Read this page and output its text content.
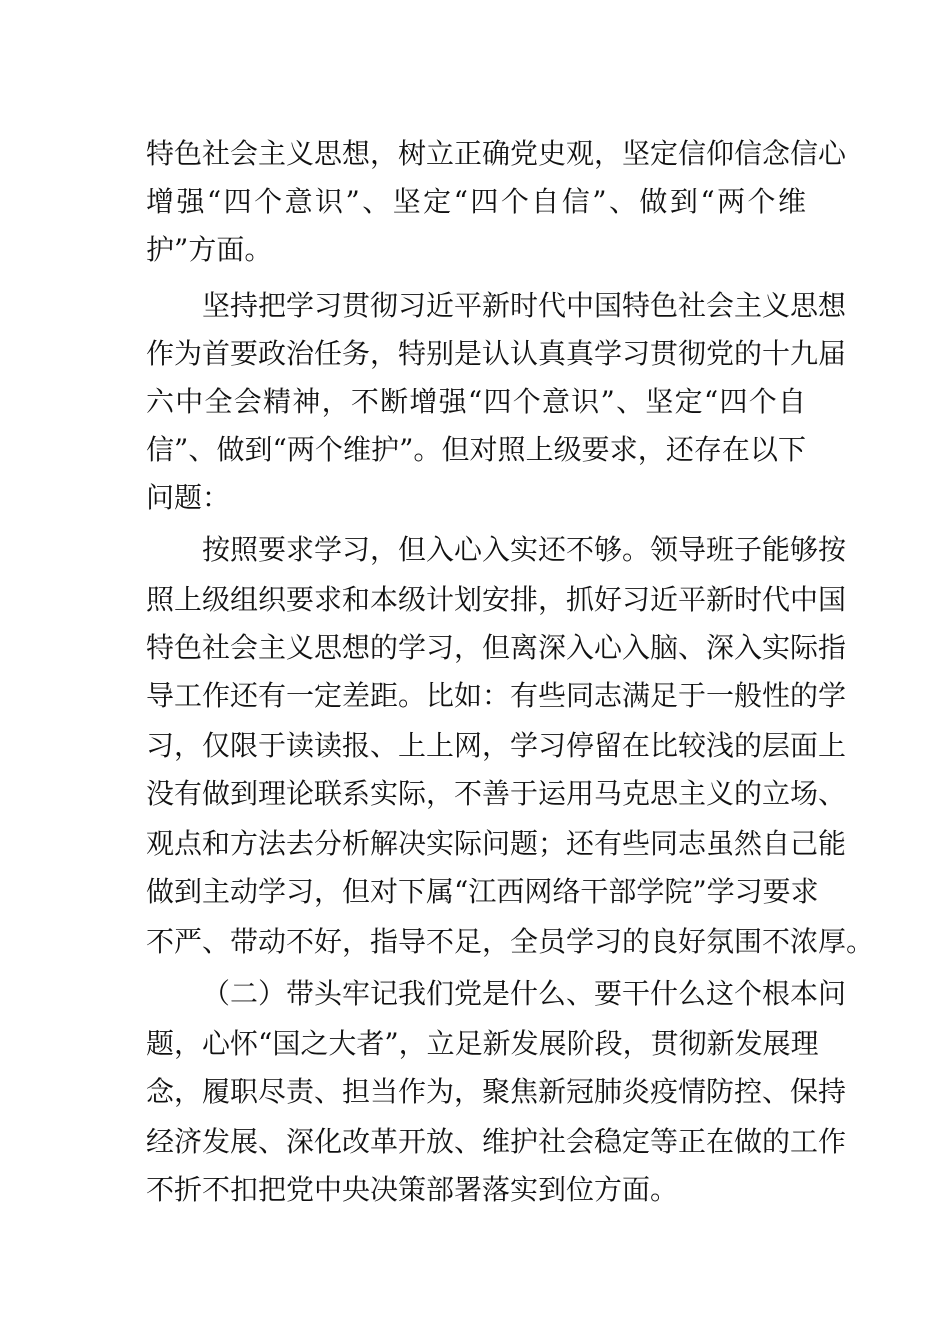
特色社会主义思想，树立正确党史观，坚定信仰信念信心
增强“四个意识”、坚定“四个自信”、做到“两个维
护”方面。
坚持把学习贯彻习近平新时代中国特色社会主义思想
作为首要政治任务，特别是认认真真学习贯彻党的十九届
六中全会精神，不断增强“四个意识”、坚定“四个自
信”、做到“两个维护”。但对照上级要求，还存在以下
问题：
按照要求学习，但入心入实还不够。领导班子能够按
照上级组织要求和本级计划安排，抓好习近平新时代中国
特色社会主义思想的学习，但离深入心入脑、深入实际指
导工作还有一定差距。比如：有些同志满足于一般性的学
习，仅限于读读报、上上网，学习停留在比较浅的层面上
没有做到理论联系实际，不善于运用马克思主义的立场、
观点和方法去分析解决实际问题；还有些同志虽然自己能
做到主动学习，但对下属“江西网络干部学院”学习要求
不严、带动不好，指导不足，全员学习的良好氛围不浓厚。
（二）带头牢记我们党是什么、要干什么这个根本问
题，心怀“国之大者”，立足新发展阶段，贯彻新发展理
念，履职尽责、担当作为，聚焦新冠肺炎疫情防控、保持
经济发展、深化改革开放、维护社会稳定等正在做的工作
不折不扣把党中央决策部署落实到位方面。
